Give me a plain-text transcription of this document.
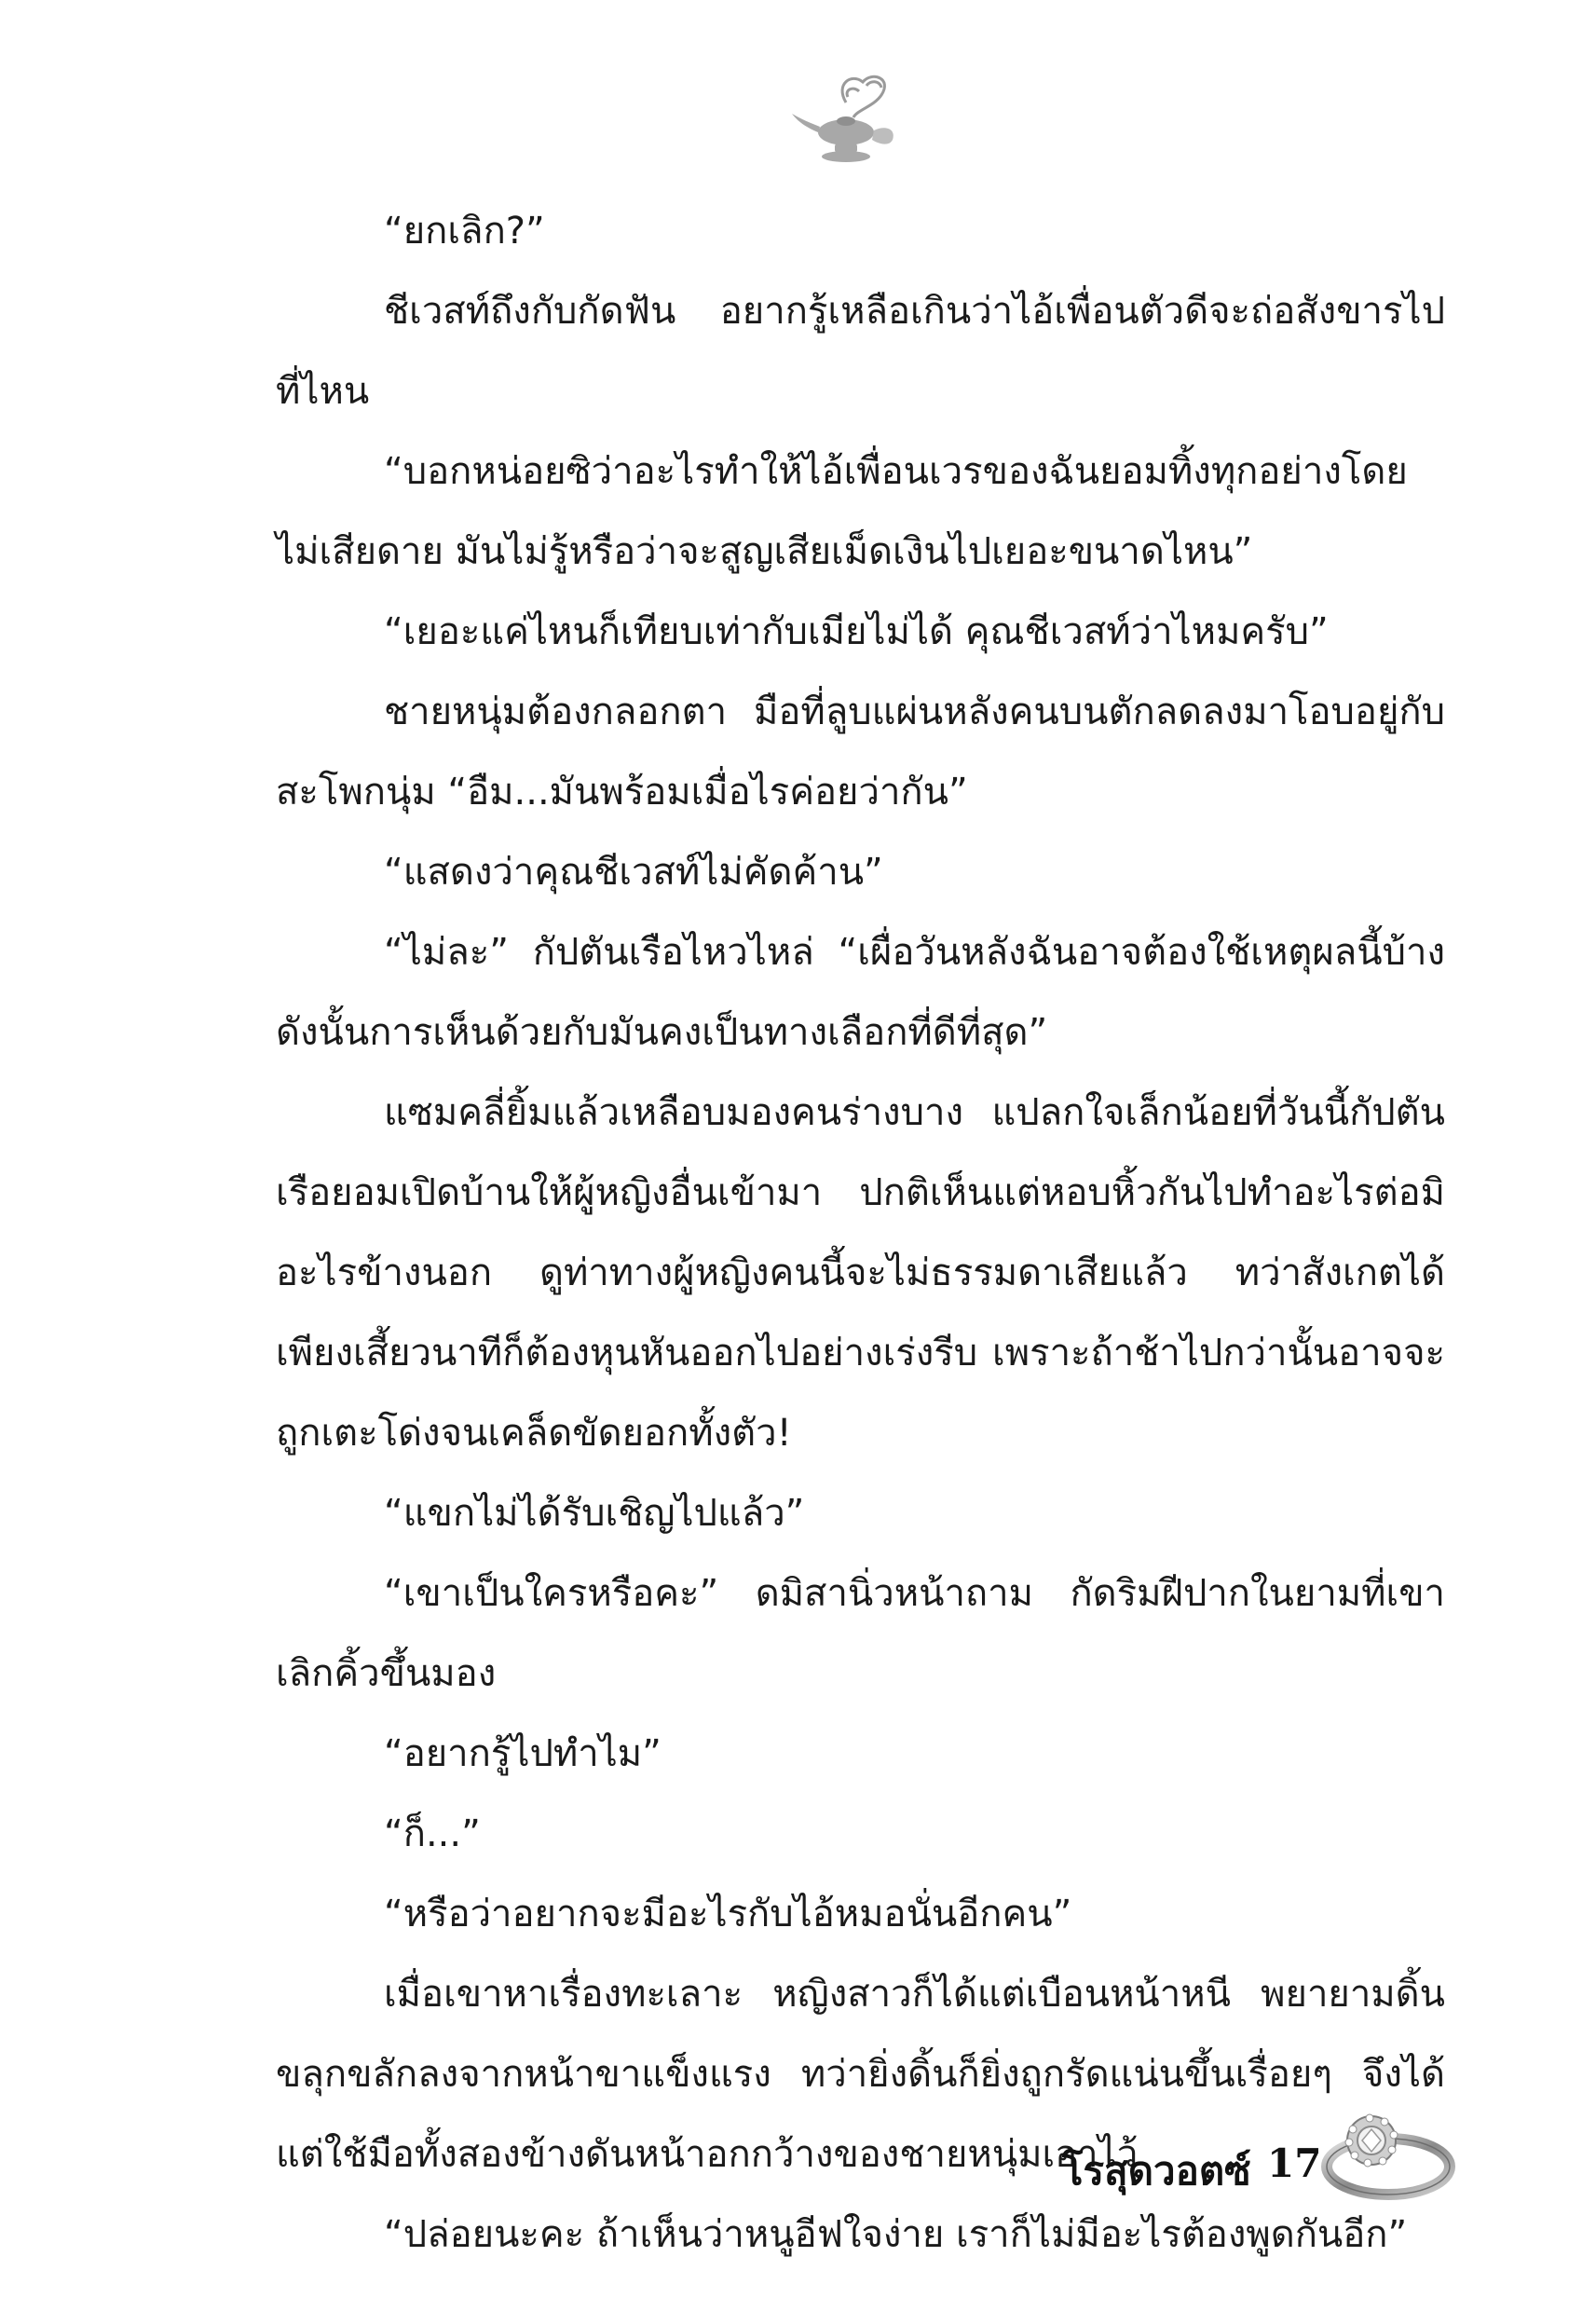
“ยกเลิก?”

ชีเวสท์ถึงกับกัดฟัน อยากรู้เหลือเกินว่าไอ้เพื่อนตัวดีจะถ่อสังขารไปที่ไหน

“บอกหน่อยซิว่าอะไรทำให้ไอ้เพื่อนเวรของฉันยอมทิ้งทุกอย่างโดยไม่เสียดาย มันไม่รู้หรือว่าจะสูญเสียเม็ดเงินไปเยอะขนาดไหน”

“เยอะแค่ไหนก็เทียบเท่ากับเมียไม่ได้ คุณชีเวสท์ว่าไหมครับ”

ชายหนุ่มต้องกลอกตา มือที่ลูบแผ่นหลังคนบนตักลดลงมาโอบอยู่กับสะโพกนุ่ม “อืม...มันพร้อมเมื่อไรค่อยว่ากัน”

“แสดงว่าคุณชีเวสท์ไม่คัดค้าน”

“ไม่ละ” กัปตันเรือไหวไหล่ “เผื่อวันหลังฉันอาจต้องใช้เหตุผลนี้บ้าง ดังนั้นการเห็นด้วยกับมันคงเป็นทางเลือกที่ดีที่สุด”

แซมคลี่ยิ้มแล้วเหลือบมองคนร่างบาง แปลกใจเล็กน้อยที่วันนี้กัปตันเรือยอมเปิดบ้านให้ผู้หญิงอื่นเข้ามา ปกติเห็นแต่หอบหิ้วกันไปทำอะไรต่อมิอะไรข้างนอก ดูท่าทางผู้หญิงคนนี้จะไม่ธรรมดาเสียแล้ว ทว่าสังเกตได้เพียงเสี้ยวนาทีก็ต้องหุนหันออกไปอย่างเร่งรีบ เพราะถ้าช้าไปกว่านั้นอาจจะถูกเตะโด่งจนเคล็ดขัดยอกทั้งตัว!

“แขกไม่ได้รับเชิญไปแล้ว”

“เขาเป็นใครหรือคะ” ดมิสานิ่วหน้าถาม กัดริมฝีปากในยามที่เขาเลิกคิ้วขึ้นมอง

“อยากรู้ไปทำไม”

“ก็...”

“หรือว่าอยากจะมีอะไรกับไอ้หมอนั่นอีกคน”

เมื่อเขาหาเรื่องทะเลาะ หญิงสาวก็ได้แต่เบือนหน้าหนี พยายามดิ้นขลุกขลักลงจากหน้าขาแข็งแรง ทว่ายิ่งดิ้นก็ยิ่งถูกรัดแน่นขึ้นเรื่อยๆ จึงได้แต่ใช้มือทั้งสองข้างดันหน้าอกกว้างของชายหนุ่มเอาไว้

“ปล่อยนะคะ ถ้าเห็นว่าหนูอีฟใจง่าย เราก็ไม่มีอะไรต้องพูดกันอีก”

โรสุดวอตซ์ 17
